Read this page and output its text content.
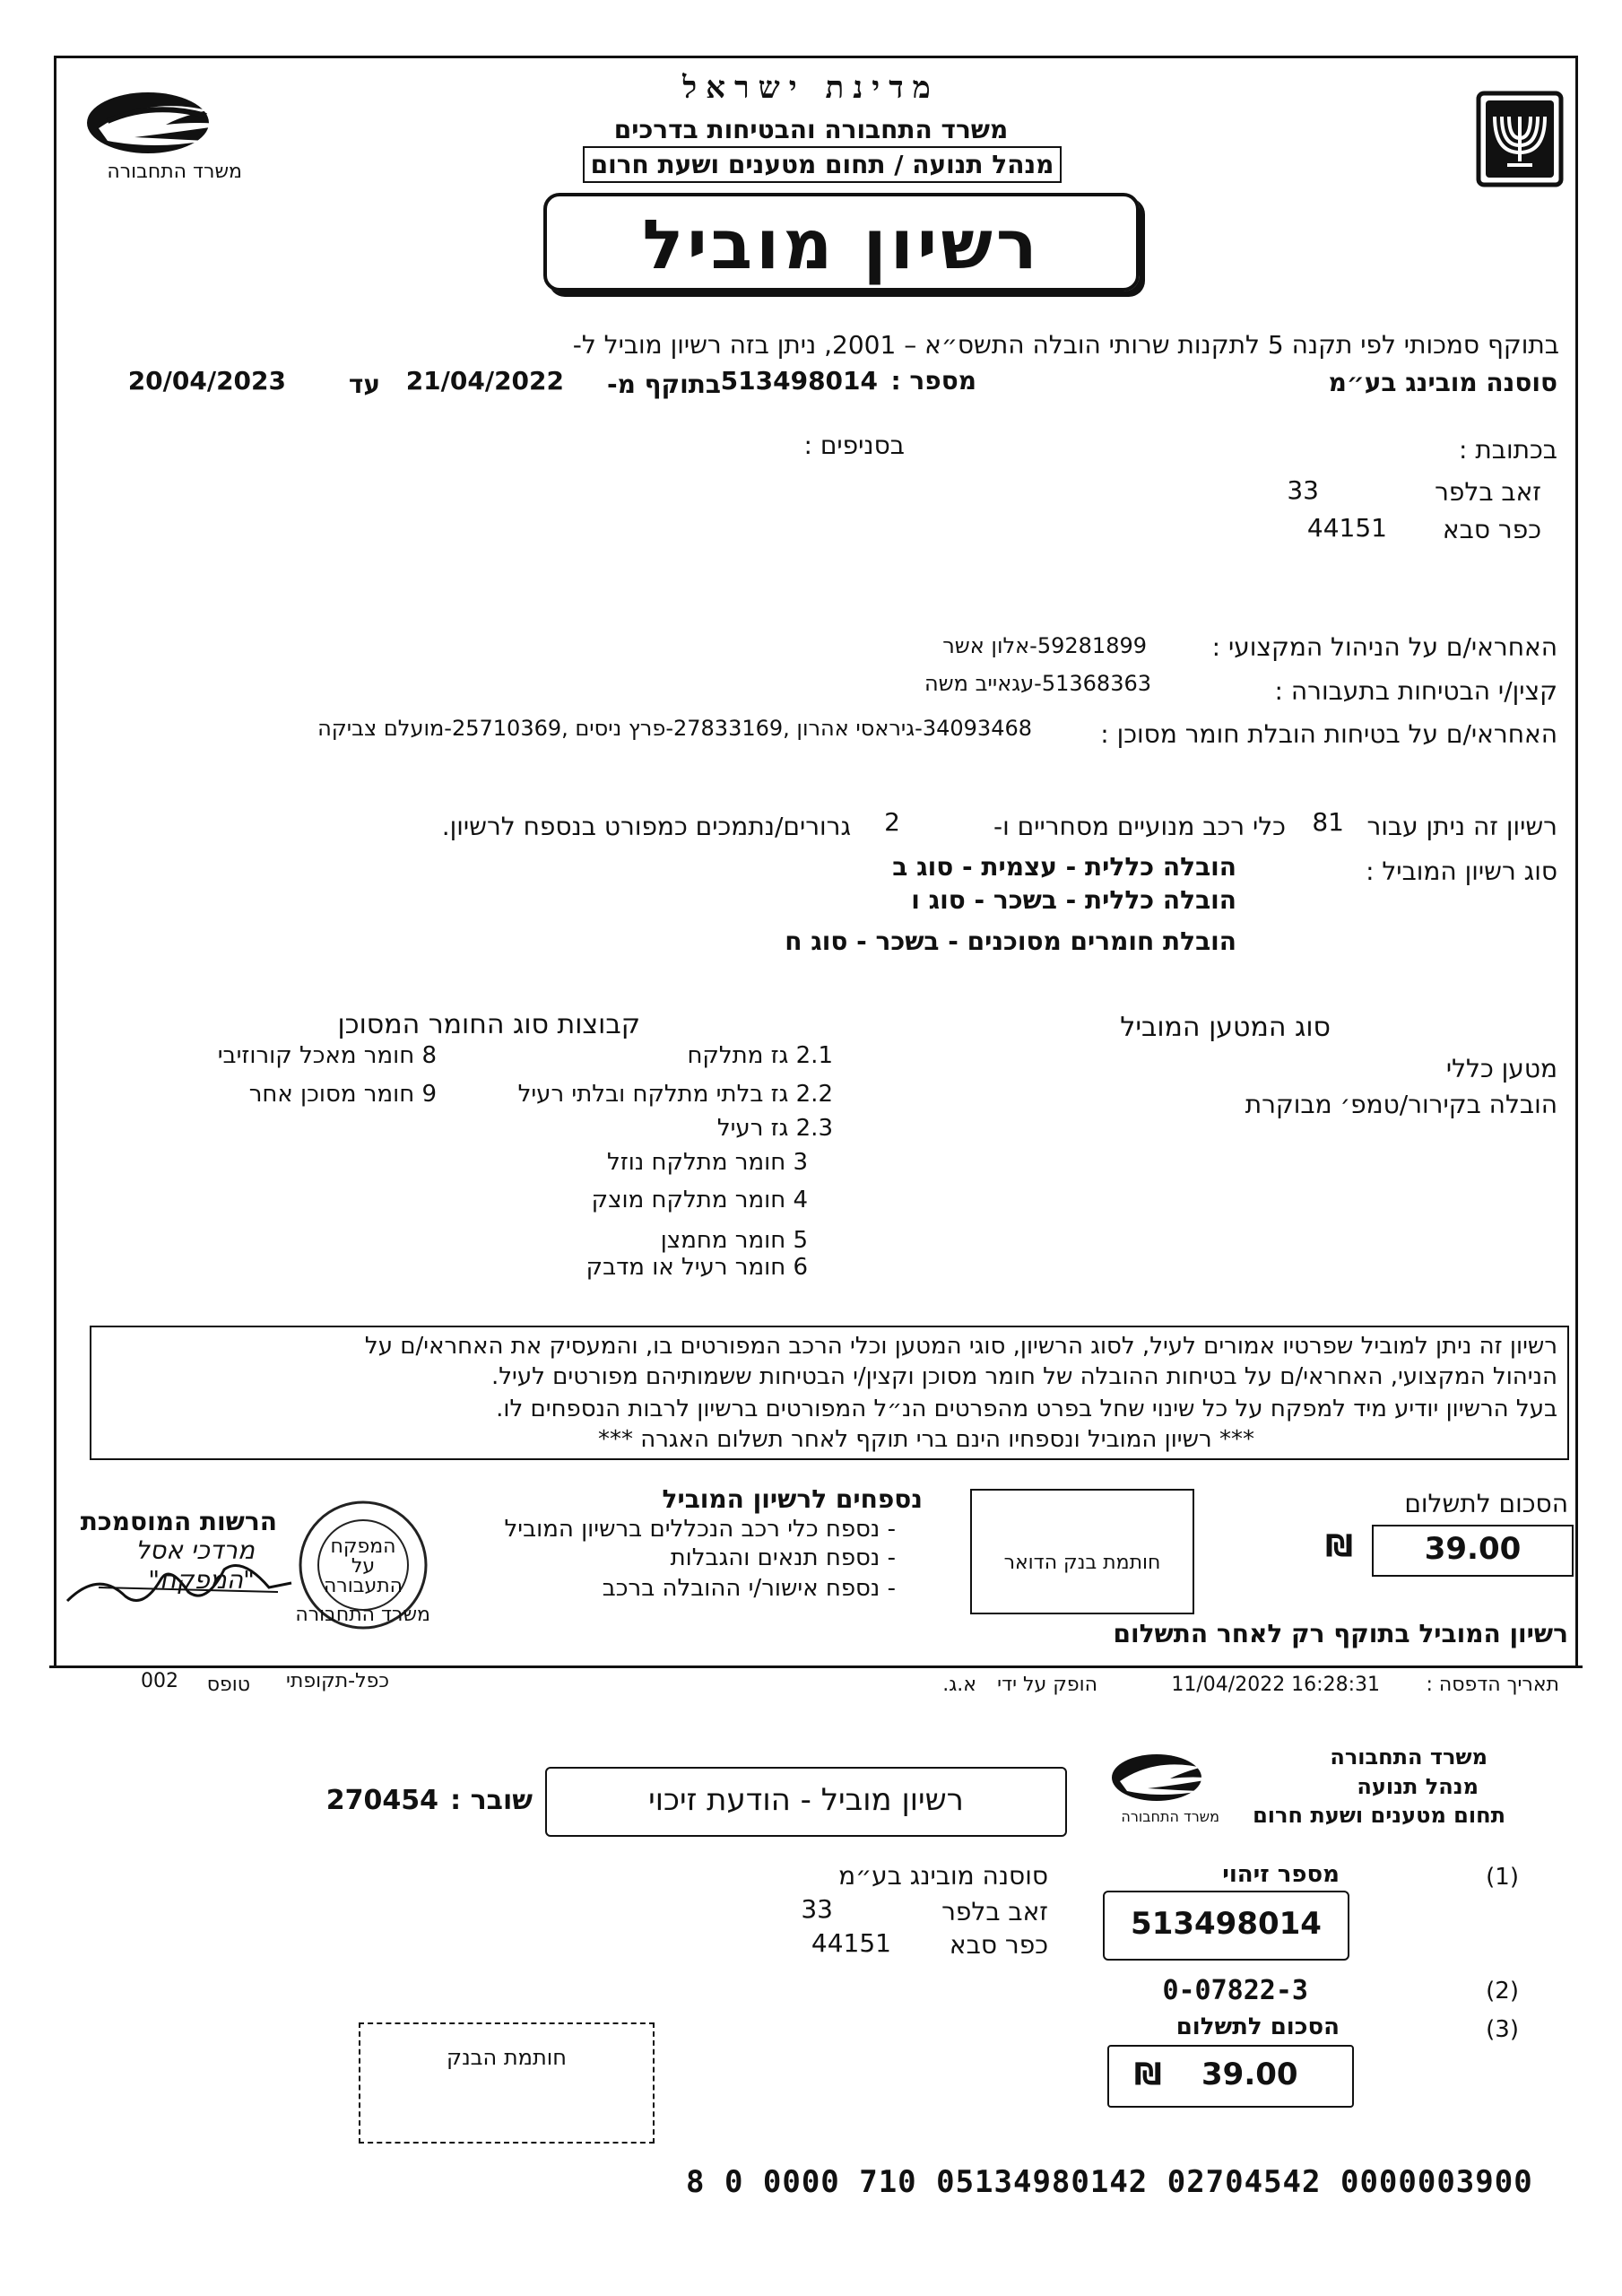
משרד התחבורה
מדינת ישראל
משרד התחבורה והבטיחות בדרכים
מנהל תנועה / תחום מטענים ושעת חרום
רשיון מוביל
בתוקף סמכותי לפי תקנה 5 לתקנות שרותי הובלה התשס״א – 2001, ניתן בזה רשיון מוביל ל-
סוסנה מובינג בע״מ
מספר :
513498014
בתוקף מ-
21/04/2022
עד
20/04/2023
בכתובת :
בסניפים :
זאב בלפר
33
כפר סבא
44151
האחראי/ם על הניהול המקצועי :
59281899-אלון אשר
קצין/י הבטיחות בתעבורה :
51368363-עגאייב משה
האחראי/ם על בטיחות הובלת חומר מסוכן :
34093468-גיראסי אהרון ,27833169-פרץ ניסים ,25710369-מועלם צביקה
רשיון זה ניתן עבור
81
כלי רכב מנועיים מסחריים ו-
2
גרורים/נתמכים כמפורט בנספח לרשיון.
סוג רשיון המוביל :
הובלה כללית - עצמית - סוג ב
הובלה כללית - בשכר - סוג ו
הובלת חומרים מסוכנים - בשכר - סוג ח
סוג המטען המוביל
מטען כללי
הובלה בקירור/טמפ׳ מבוקרת
קבוצות סוג החומר המסוכן
2.1 גז מתלקח
2.2 גז בלתי מתלקח ובלתי רעיל
2.3 גז רעיל
3 חומר מתלקח נוזל
4 חומר מתלקח מוצק
5 חומר מחמצן
6 חומר רעיל או מדבק
8 חומר מאכל קורוזיבי
9 חומר מסוכן אחר
רשיון זה ניתן למוביל שפרטיו אמורים לעיל, לסוג הרשיון, סוגי המטען וכלי הרכב המפורטים בו, והמעסיק את האחראי/ם על
הניהול המקצועי, האחראי/ם על בטיחות ההובלה של חומר מסוכן וקצין/י הבטיחות ששמותיהם מפורטים לעיל.
בעל הרשיון יודיע מיד למפקח על כל שינוי שחל בפרט מהפרטים הנ״ל המפורטים ברשיון לרבות הנספחים לו.
*** רשיון המוביל ונספחיו הינם ברי תוקף לאחר תשלום האגרה ***
הסכום לתשלום
₪	39.00
חותמת בנק הדואר
רשיון המוביל בתוקף רק לאחר התשלום
נספחים לרשיון המוביל
- נספח כלי רכב הנכללים ברשיון המוביל
- נספח תנאים והגבלות
- נספח אישור/י ההובלה ברכב
המפקח
על
התעבורה
משרד התחבורה
הרשות המוסמכת
מרדכי אסל
"המפקח"
תאריך הדפסה :
11/04/2022 16:28:31
הופק על ידי
א.ג.
כפל-תקופתי
טופס
002
משרד התחבורה
מנהל תנועה
תחום מטענים ושעת חרום
משרד התחבורה
רשיון מוביל - הודעת זיכוי
שובר :
270454
(1)
מספר זיהוי
513498014
(2)
0-07822-3
(3)
הסכום לתשלום
₪ 39.00
סוסנה מובינג בע״מ
זאב בלפר
33
כפר סבא
44151
חותמת הבנק
8 0 0000 710 05134980142 02704542 0000003900
